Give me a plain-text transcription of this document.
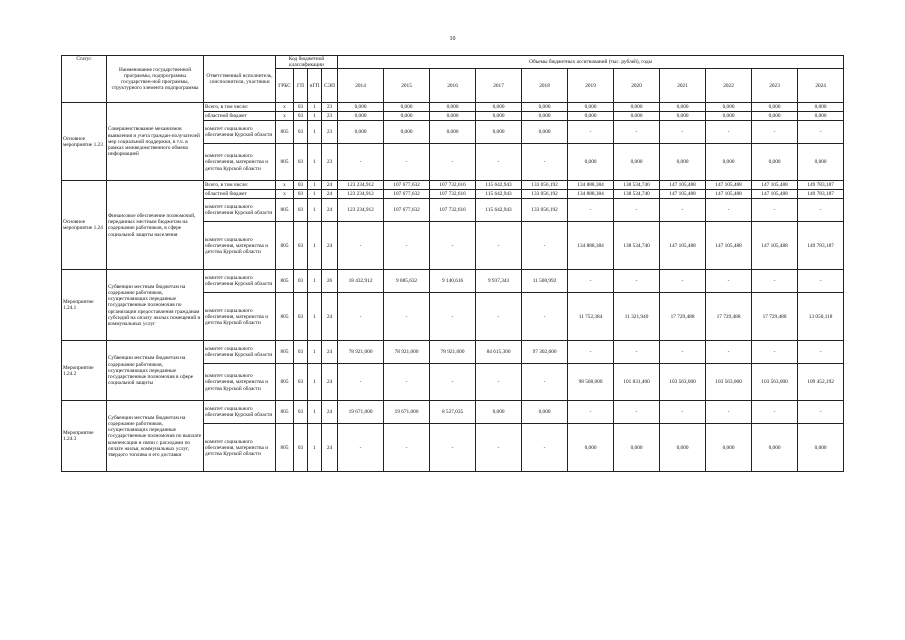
10
Статус	Наименование государственной программы, подпрограммы государствен-ной программы, структурного элемента подпрограммы	Ответственный исполнитель, соисполнители, участники	Код бюджетной классификации				Объемы бюджетных ассигнований (тыс. рублей), годы										
			ГРБС	ГП	пГП	СЭП	2014	2015	2016	2017	2018	2019	2020	2021	2022	2023	2024
Основное мероприятие 1.23	Совершенствование механизмов выявления и учета граждан-получателей мер социальной поддержки, в т.ч. в рамках межведомственного обмена информацией	Всего, в том числе:	х	03	1	23	0,000	0,000	0,000	0,000	0,000	0,000	0,000	0,000	0,000	0,000	0,000
		областной бюджет	х	03	1	23	0,000	0,000	0,000	0,000	0,000	0,000	0,000	0,000	0,000	0,000	0,000
		комитет социального обеспечения Курской области	805	03	1	23	0,000	0,000	0,000	0,000	0,000	-	-	-	-	-	-
		комитет социального обеспечения, материнства и детства Курской области	805	03	1	23	-	-	-	-	-	0,000	0,000	0,000	0,000	0,000	0,000
Основное мероприятие 1.24	Финансовое обеспечение полномочий, переданных местным бюджетам на содержание работников, в сфере социальной защиты населения	Всего, в том числе:	х	03	1	24	123 234,912	107 677,632	107 732,616	115 642,943	133 056,192	134 888,384	138 534,740	147 105,488	147 105,488	147 105,488	149 783,187
		областной бюджет	х	03	1	24	123 234,912	107 677,632	107 732,616	115 642,943	133 056,192	134 888,384	138 534,740	147 105,488	147 105,488	147 105,488	149 783,187
		комитет социального обеспечения Курской области	805	03	1	24	123 234,912	107 677,632	107 732,616	115 642,943	133 056,192	-	-	-	-	-	-
		комитет социального обеспечения, материнства и детства Курской области	805	03	1	24	-	-	-	-	-	134 888,384	138 534,740	147 105,488	147 105,488	147 105,488	149 783,187
Мероприятие 1.24.1	Субвенции местным бюджетам на содержание работников, осуществляющих переданные государственные полномочия по организации предоставления гражданам субсидий на оплату жилых помещений и коммунальных услуг	комитет социального обеспечения Курской области	805	03	1	26	18 432,912	9 085,632	9 140,616	9 937,343	11 500,992	-	-	-	-	-	-
		комитет социального обеспечения, материнства и детства Курской области	805	03	1	24	-	-	-	-	-	11 752,384	11 321,940	17 729,488	17 729,488	17 729,488	13 050,118
Мероприятие 1.24.2	Субвенции местным бюджетам на содержание работников, осуществляющих переданные государственные полномочия в сфере социальной защиты	комитет социального обеспечения Курской области	805	03	1	24	78 921,000	78 921,000	78 921,000	84 615,300	97 302,600	-	-	-	-	-	-
		комитет социального обеспечения, материнства и детства Курской области	805	03	1	24	-	-	-	-	-	98 568,000	101 831,400	103 563,000	103 563,000	103 563,000	109 452,192
Мероприятие 1.24.3	Субвенции местным бюджетам на содержание работников, осуществляющих переданные государственные полномочия по выплате компенсации в связи с расходами по оплате жилья, коммунальных услуг, твердого топлива и его доставки	комитет социального обеспечения Курской области	805	03	1	24	19 671,000	19 671,000	8 527,035	0,000	0,000	-	-	-	-	-	-
		комитет социального обеспечения, материнства и детства Курской области	805	03	1	24	-	-	-	-	-	0,000	0,000	0,000	0,000	0,000	0,000
